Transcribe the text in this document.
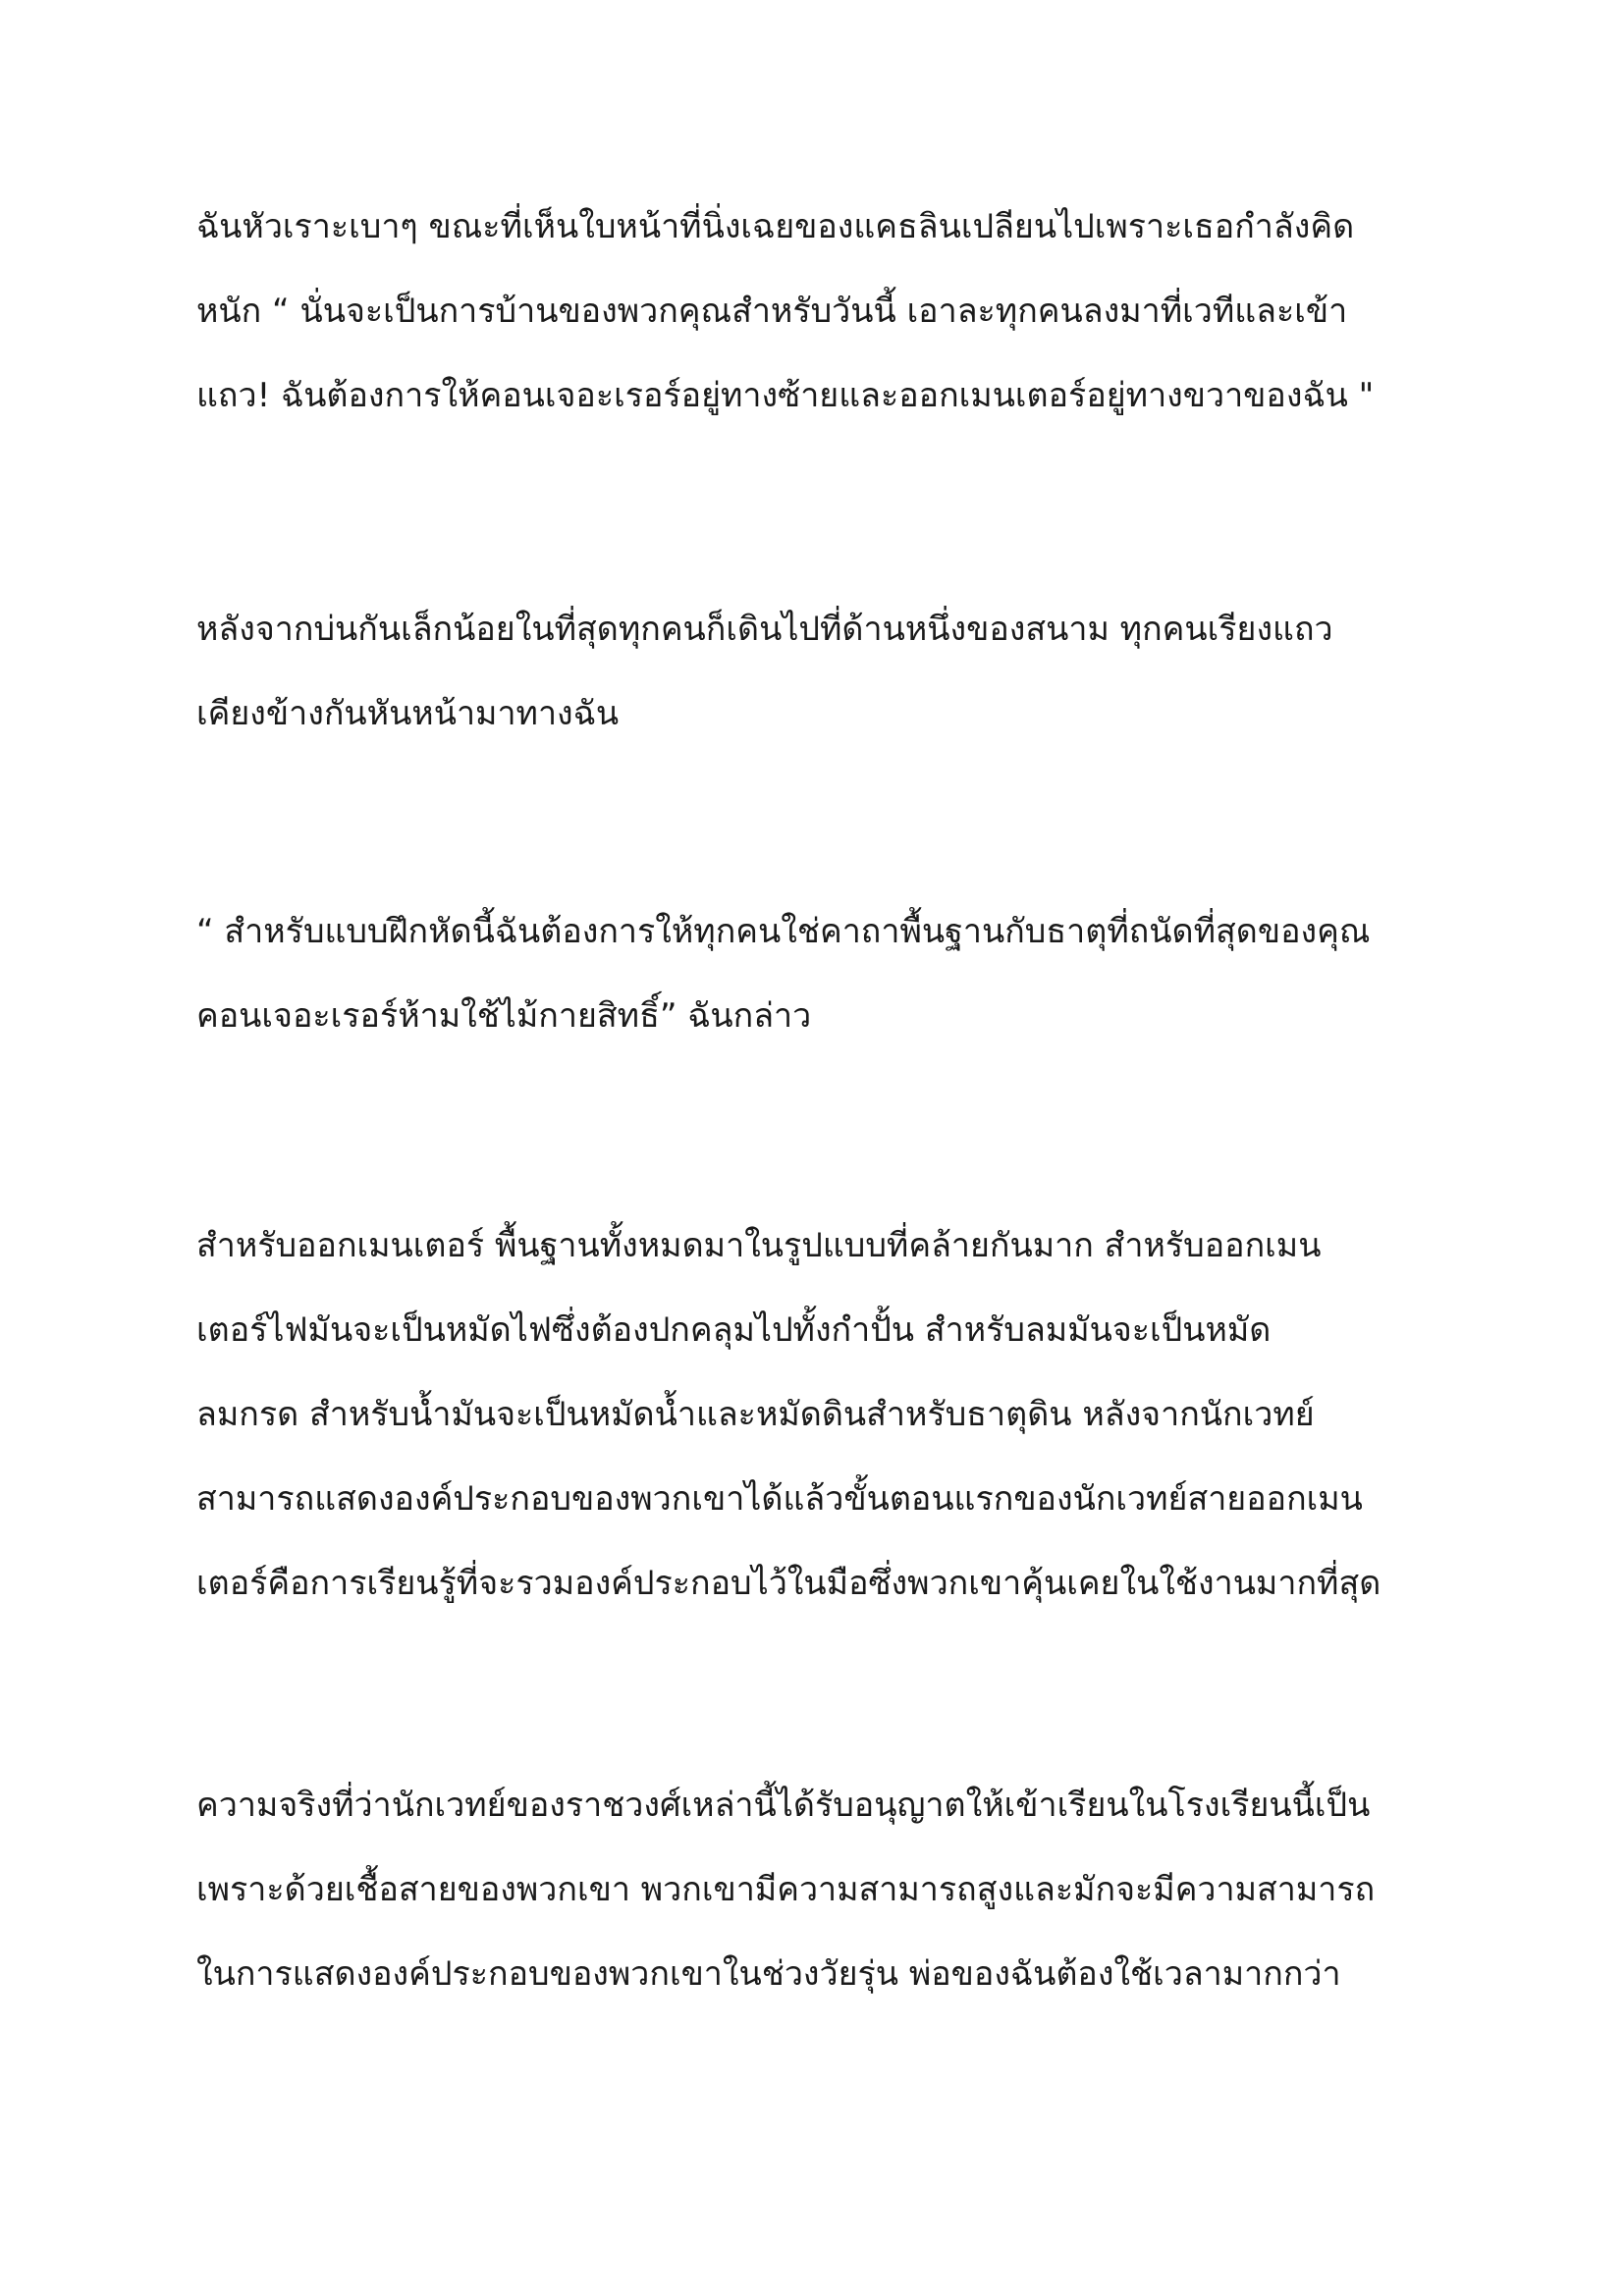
ฉันหัวเราะเบาๆ ขณะที่เห็นใบหน้าที่นิ่งเฉยของแคธลินเปลียนไปเพราะเธอกำลังคิด
หนัก “ นั่นจะเป็นการบ้านของพวกคุณสำหรับวันนี้ เอาละทุกคนลงมาที่เวทีและเข้า
แถว! ฉันต้องการให้คอนเจอะเรอร์อยู่ทางซ้ายและออกเมนเตอร์อยู่ทางขวาของฉัน "
หลังจากบ่นกันเล็กน้อยในที่สุดทุกคนก็เดินไปที่ด้านหนึ่งของสนาม ทุกคนเรียงแถว
เคียงข้างกันหันหน้ามาทางฉัน
“ สำหรับแบบฝึกหัดนี้ฉันต้องการให้ทุกคนใช่คาถาพื้นฐานกับธาตุที่ถนัดที่สุดของคุณ
คอนเจอะเรอร์ห้ามใช้ไม้กายสิทธิ์” ฉันกล่าว
สำหรับออกเมนเตอร์ พื้นฐานทั้งหมดมาในรูปแบบที่คล้ายกันมาก สำหรับออกเมน
เตอร์ไฟมันจะเป็นหมัดไฟซึ่งต้องปกคลุมไปทั้งกำปั้น สำหรับลมมันจะเป็นหมัด
ลมกรด สำหรับน้ำมันจะเป็นหมัดน้ำและหมัดดินสำหรับธาตุดิน หลังจากนักเวทย์
สามารถแสดงองค์ประกอบของพวกเขาได้แล้วขั้นตอนแรกของนักเวทย์สายออกเมน
เตอร์คือการเรียนรู้ที่จะรวมองค์ประกอบไว้ในมือซึ่งพวกเขาคุ้นเคยในใช้งานมากที่สุด
ความจริงที่ว่านักเวทย์ของราชวงศ์เหล่านี้ได้รับอนุญาตให้เข้าเรียนในโรงเรียนนี้เป็น
เพราะด้วยเชื้อสายของพวกเขา พวกเขามีความสามารถสูงและมักจะมีความสามารถ
ในการแสดงองค์ประกอบของพวกเขาในช่วงวัยรุ่น พ่อของฉันต้องใช้เวลามากกว่า
